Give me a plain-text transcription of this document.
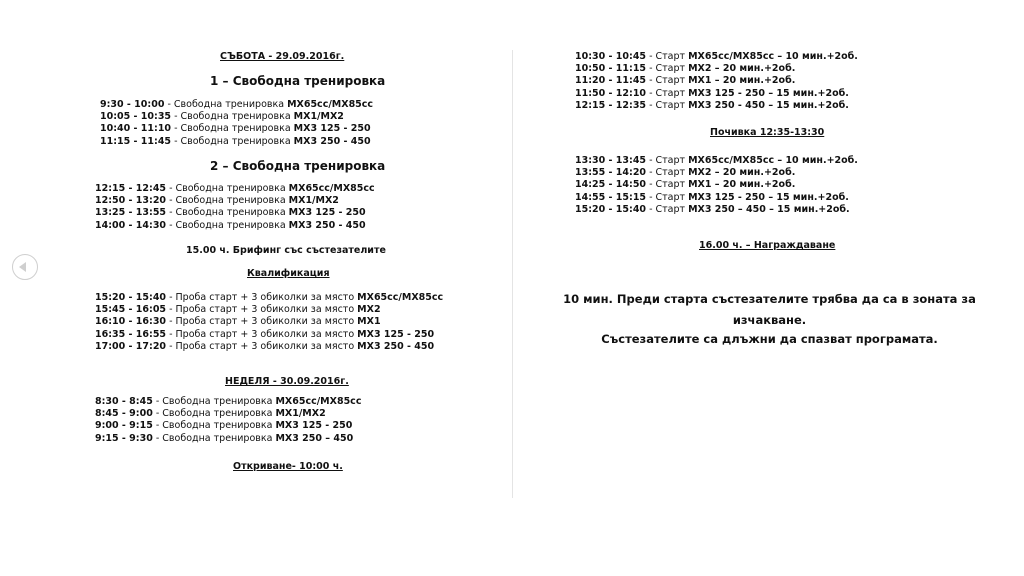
СЪБОТА - 29.09.2016г.
1 – Свободна тренировка
9:30 - 10:00 - Свободна тренировка MX65cc/MX85cc
10:05 - 10:35 - Свободна тренировка MX1/MX2
10:40 - 11:10 - Свободна тренировка MX3 125 - 250
11:15 - 11:45 - Свободна тренировка MX3 250 - 450
2 – Свободна тренировка
12:15 - 12:45 - Свободна тренировка MX65cc/MX85cc
12:50 - 13:20 - Свободна тренировка MX1/MX2
13:25 - 13:55 - Свободна тренировка MX3 125 - 250
14:00 - 14:30 - Свободна тренировка MX3 250 - 450
15.00 ч. Брифинг със състезателите
Квалификация
15:20 - 15:40 - Проба старт + 3 обиколки за място MX65cc/MX85cc
15:45 - 16:05 - Проба старт + 3 обиколки за място MX2
16:10 - 16:30 - Проба старт + 3 обиколки за място MX1
16:35 - 16:55 - Проба старт + 3 обиколки за място MX3 125 - 250
17:00 - 17:20 - Проба старт + 3 обиколки за място MX3 250 - 450
НЕДЕЛЯ - 30.09.2016г.
8:30 - 8:45 - Свободна тренировка MX65cc/MX85cc
8:45 - 9:00 - Свободна тренировка MX1/MX2
9:00 - 9:15 - Свободна тренировка MX3 125 - 250
9:15 - 9:30 - Свободна тренировка MX3 250 – 450
Откриване- 10:00 ч.
10:30 - 10:45 - Старт MX65cc/MX85cc – 10 мин.+2об.
10:50 - 11:15 - Старт MX2 – 20 мин.+2об.
11:20 - 11:45 - Старт MX1 – 20 мин.+2об.
11:50 - 12:10 - Старт MX3 125 - 250 – 15 мин.+2об.
12:15 - 12:35 - Старт MX3 250 - 450 – 15 мин.+2об.
Почивка 12:35-13:30
13:30 - 13:45 - Старт MX65cc/MX85cc – 10 мин.+2об.
13:55 - 14:20 - Старт MX2 – 20 мин.+2об.
14:25 - 14:50 - Старт MX1 – 20 мин.+2об.
14:55 - 15:15 - Старт MX3 125 - 250 – 15 мин.+2об.
15:20 - 15:40 - Старт MX3 250 – 450 – 15 мин.+2об.
16.00 ч. – Награждаване
10 мин. Преди старта състезателите трябва да са в зоната за
изчакване.
Състезателите са длъжни да спазват програмата.
